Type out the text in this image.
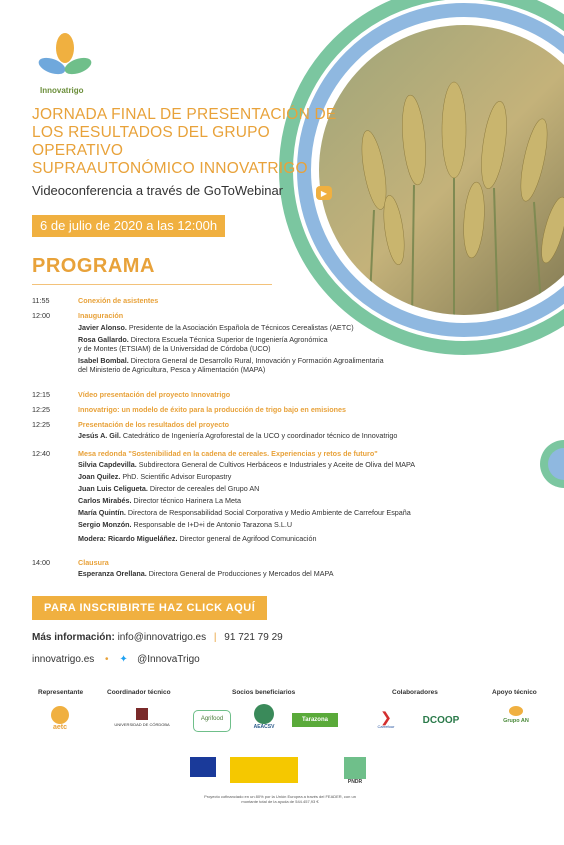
Innovatrigo
JORNADA FINAL DE PRESENTACIÓN DE
LOS RESULTADOS DEL GRUPO OPERATIVO
SUPRAAUTONÓMICO INNOVATRIGO
Videoconferencia a través de GoToWebinar	▶
6 de julio de 2020 a las 12:00h
PROGRAMA
11:55	Conexión de asistentes
12:00	Inauguración
Javier Alonso. Presidente de la Asociación Española de Técnicos Cerealistas (AETC)
Rosa Gallardo. Directora Escuela Técnica Superior de Ingeniería Agronómica
y de Montes (ETSIAM) de la Universidad de Córdoba (UCO)
Isabel Bombal. Directora General de Desarrollo Rural, Innovación y Formación Agroalimentaria
del Ministerio de Agricultura, Pesca y Alimentación (MAPA)
12:15	Vídeo presentación del proyecto Innovatrigo
12:25	Innovatrigo: un modelo de éxito para la producción de trigo bajo en emisiones
12:25	Presentación de los resultados del proyecto
Jesús A. Gil. Catedrático de Ingeniería Agroforestal de la UCO y coordinador técnico de Innovatrigo
12:40	Mesa redonda "Sostenibilidad en la cadena de cereales. Experiencias y retos de futuro"
Silvia Capdevilla. Subdirectora General de Cultivos Herbáceos e Industriales y Aceite de Oliva del MAPA
Joan Quilez. PhD. Scientific Advisor Europastry
Juan Luis Celigueta. Director de cereales del Grupo AN
Carlos Mirabés. Director técnico Harinera La Meta
María Quintín. Directora de Responsabilidad Social Corporativa y Medio Ambiente de Carrefour España
Sergio Monzón. Responsable de I+D+i de Antonio Tarazona S.L.U
Modera: Ricardo Migueláñez. Director general de Agrifood Comunicación
14:00	Clausura
Esperanza Orellana. Directora General de Producciones y Mercados del MAPA
PARA INSCRIBIRTE HAZ CLICK AQUÍ
Más información: info@innovatrigo.es | 91 721 79 29
innovatrigo.es • ✦ @InnovaTrigo
Representante	Coordinador técnico	Socios beneficiarios	Colaboradores	Apoyo técnico
aetc	UNIVERSIDAD DE CÓRDOBA
Agrifood
AEACSV
Tarazona	❯
Carrefour
DCOOP	Grupo AN
PNDR
Proyecto cofinanciado en un 80% por la Unión Europea a través del FEADER, con un montante total de la ayuda de 544.457,93 €
